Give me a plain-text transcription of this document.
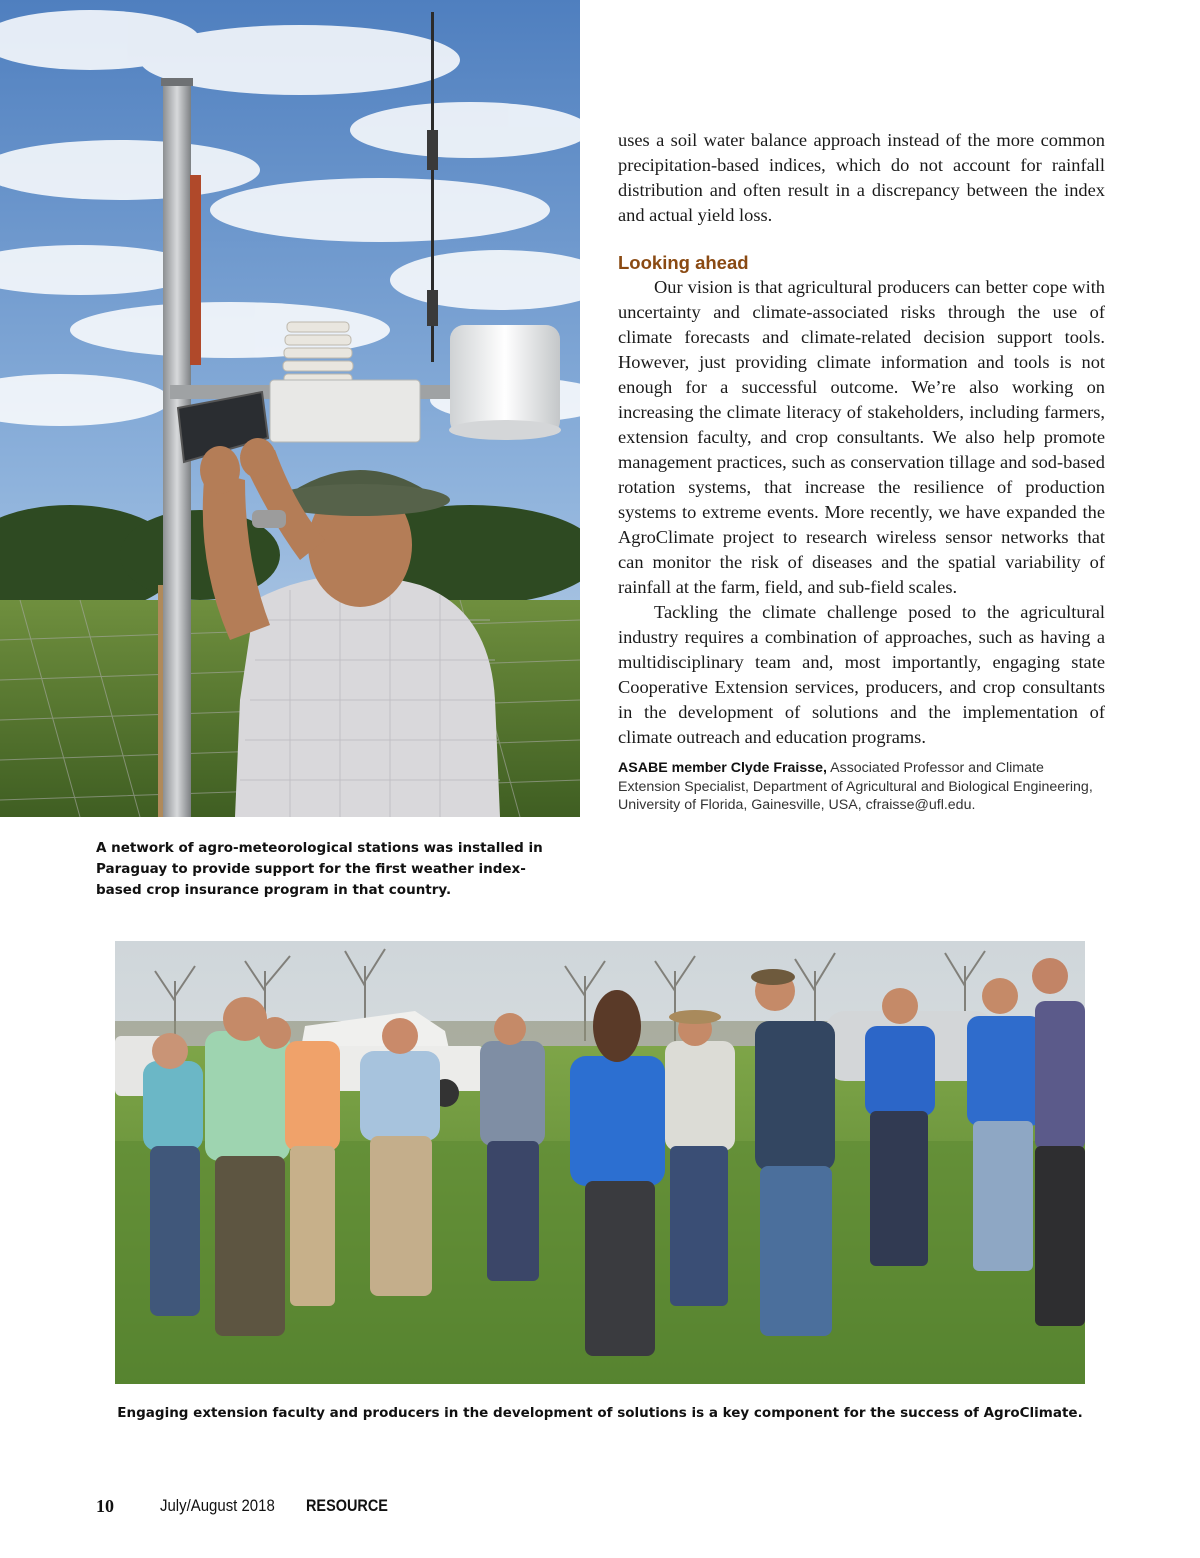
A network of agro-meteorological stations was installed in Paraguay to provide support for the first weather index-based crop insurance program in that country.

uses a soil water balance approach instead of the more common precipitation-based indices, which do not account for rainfall distribution and often result in a discrepancy between the index and actual yield loss.

Looking ahead

Our vision is that agricultural producers can better cope with uncertainty and climate-associated risks through the use of climate forecasts and climate-related decision support tools. However, just providing climate information and tools is not enough for a successful outcome. We’re also working on increasing the climate literacy of stakeholders, including farmers, extension faculty, and crop consultants. We also help promote management practices, such as conservation tillage and sod-based rotation systems, that increase the resilience of production systems to extreme events. More recently, we have expanded the AgroClimate project to research wireless sensor networks that can monitor the risk of diseases and the spatial variability of rainfall at the farm, field, and sub-field scales.

Tackling the climate challenge posed to the agricultural industry requires a combination of approaches, such as having a multidisciplinary team and, most importantly, engaging state Cooperative Extension services, producers, and crop consultants in the development of solutions and the implementation of climate outreach and education programs.

ASABE member Clyde Fraisse, Associated Professor and Climate Extension Specialist, Department of Agricultural and Biological Engineering, University of Florida, Gainesville, USA, cfraisse@ufl.edu.
Engaging extension faculty and producers in the development of solutions is a key component for the success of AgroClimate.
10	July/August 2018 RESOURCE
